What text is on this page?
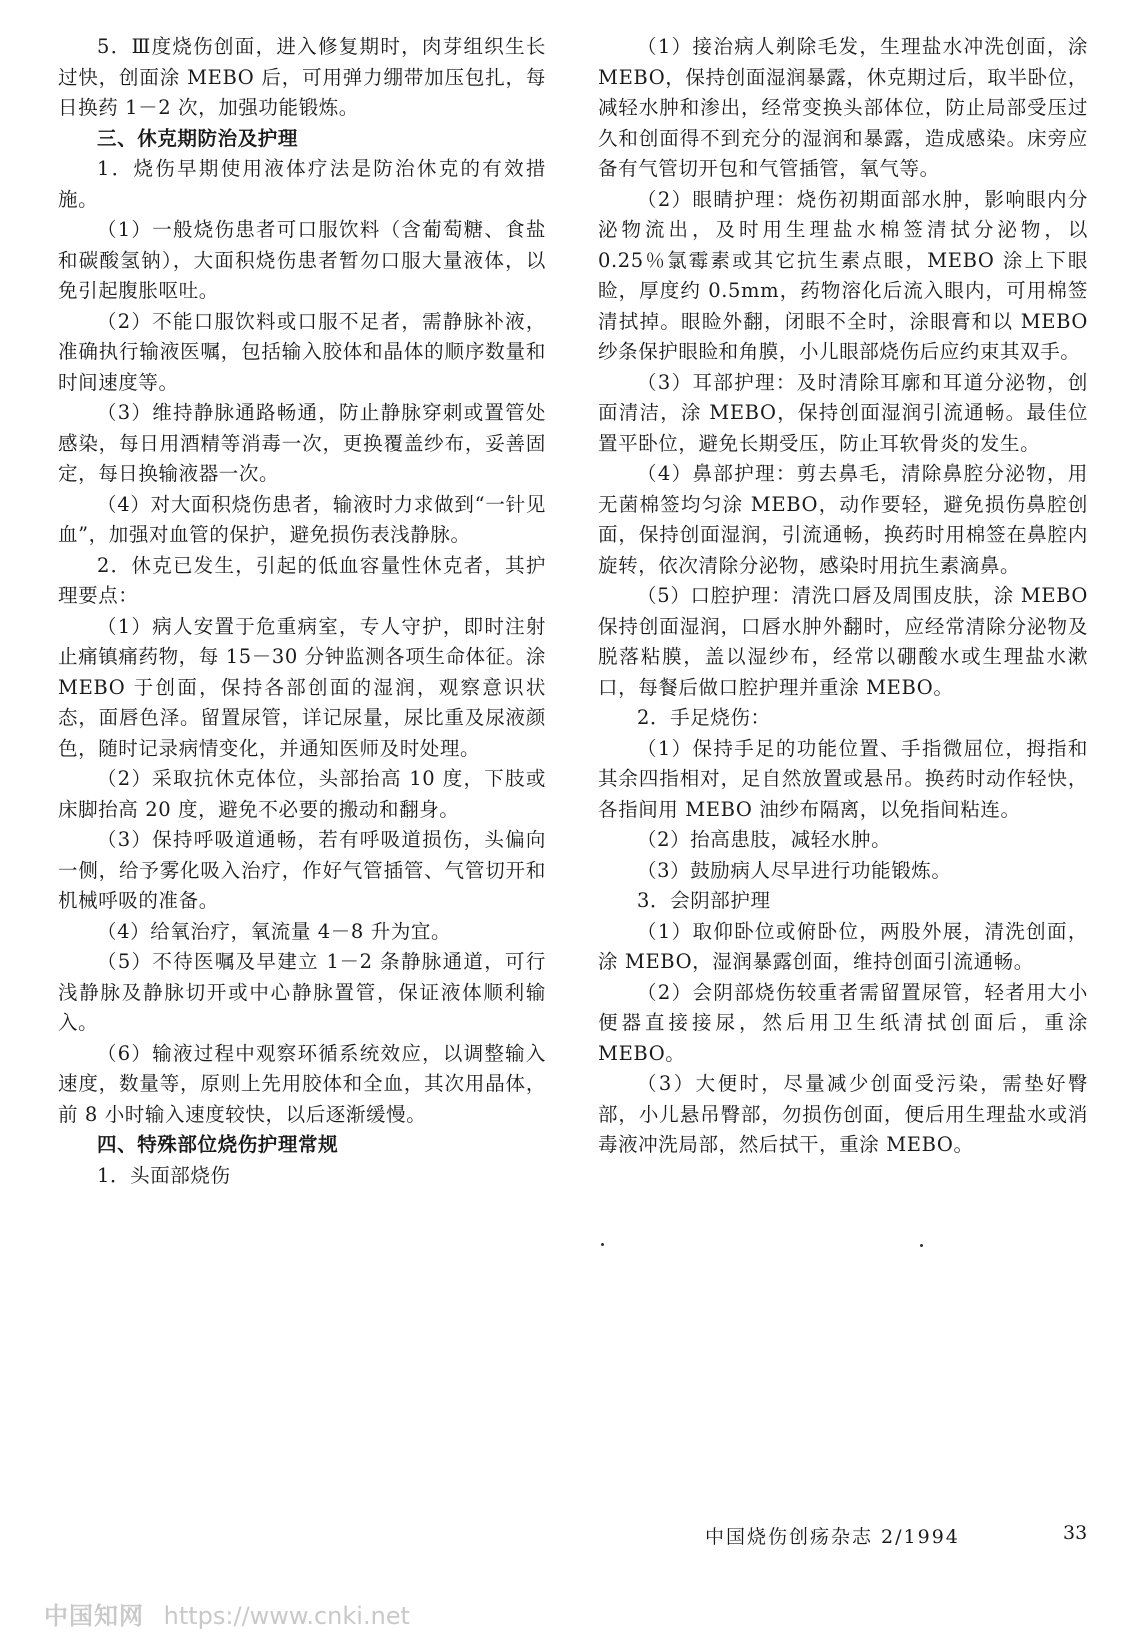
5．Ⅲ度烧伤创面，进入修复期时，肉芽组织生长过快，创面涂 MEBO 后，可用弹力绷带加压包扎，每日换药 1－2 次，加强功能锻炼。

三、休克期防治及护理

1．烧伤早期使用液体疗法是防治休克的有效措施。

（1）一般烧伤患者可口服饮料（含葡萄糖、食盐和碳酸氢钠），大面积烧伤患者暂勿口服大量液体，以免引起腹胀呕吐。

（2）不能口服饮料或口服不足者，需静脉补液，准确执行输液医嘱，包括输入胶体和晶体的顺序数量和时间速度等。

（3）维持静脉通路畅通，防止静脉穿刺或置管处感染，每日用酒精等消毒一次，更换覆盖纱布，妥善固定，每日换输液器一次。

（4）对大面积烧伤患者，输液时力求做到“一针见血”，加强对血管的保护，避免损伤表浅静脉。

2．休克已发生，引起的低血容量性休克者，其护理要点：

（1）病人安置于危重病室，专人守护，即时注射止痛镇痛药物，每 15－30 分钟监测各项生命体征。涂 MEBO 于创面，保持各部创面的湿润，观察意识状态，面唇色泽。留置尿管，详记尿量，尿比重及尿液颜色，随时记录病情变化，并通知医师及时处理。

（2）采取抗休克体位，头部抬高 10 度，下肢或床脚抬高 20 度，避免不必要的搬动和翻身。

（3）保持呼吸道通畅，若有呼吸道损伤，头偏向一侧，给予雾化吸入治疗，作好气管插管、气管切开和机械呼吸的准备。

（4）给氧治疗，氧流量 4－8 升为宜。

（5）不待医嘱及早建立 1－2 条静脉通道，可行浅静脉及静脉切开或中心静脉置管，保证液体顺利输入。

（6）输液过程中观察环循系统效应，以调整输入速度，数量等，原则上先用胶体和全血，其次用晶体，前 8 小时输入速度较快，以后逐渐缓慢。

四、特殊部位烧伤护理常规

1．头面部烧伤

（1）接治病人剃除毛发，生理盐水冲洗创面，涂 MEBO，保持创面湿润暴露，休克期过后，取半卧位，减轻水肿和渗出，经常变换头部体位，防止局部受压过久和创面得不到充分的湿润和暴露，造成感染。床旁应备有气管切开包和气管插管，氧气等。

（2）眼睛护理：烧伤初期面部水肿，影响眼内分泌物流出，及时用生理盐水棉签清拭分泌物，以 0.25％氯霉素或其它抗生素点眼，MEBO 涂上下眼睑，厚度约 0.5mm，药物溶化后流入眼内，可用棉签清拭掉。眼睑外翻，闭眼不全时，涂眼膏和以 MEBO 纱条保护眼睑和角膜，小儿眼部烧伤后应约束其双手。

（3）耳部护理：及时清除耳廓和耳道分泌物，创面清洁，涂 MEBO，保持创面湿润引流通畅。最佳位置平卧位，避免长期受压，防止耳软骨炎的发生。

（4）鼻部护理：剪去鼻毛，清除鼻腔分泌物，用无菌棉签均匀涂 MEBO，动作要轻，避免损伤鼻腔创面，保持创面湿润，引流通畅，换药时用棉签在鼻腔内旋转，依次清除分泌物，感染时用抗生素滴鼻。

（5）口腔护理：清洗口唇及周围皮肤，涂 MEBO 保持创面湿润，口唇水肿外翻时，应经常清除分泌物及脱落粘膜，盖以湿纱布，经常以硼酸水或生理盐水漱口，每餐后做口腔护理并重涂 MEBO。

2．手足烧伤：

（1）保持手足的功能位置、手指微屈位，拇指和其余四指相对，足自然放置或悬吊。换药时动作轻快，各指间用 MEBO 油纱布隔离，以免指间粘连。

（2）抬高患肢，减轻水肿。

（3）鼓励病人尽早进行功能锻炼。

3．会阴部护理

（1）取仰卧位或俯卧位，两股外展，清洗创面，涂 MEBO，湿润暴露创面，维持创面引流通畅。

（2）会阴部烧伤较重者需留置尿管，轻者用大小便器直接接尿，然后用卫生纸清拭创面后，重涂 MEBO。

（3）大便时，尽量减少创面受污染，需垫好臀部，小儿悬吊臀部，勿损伤创面，便后用生理盐水或消毒液冲洗局部，然后拭干，重涂 MEBO。

中国烧伤创疡杂志 2/1994	33
中国知网 https://www.cnki.net
